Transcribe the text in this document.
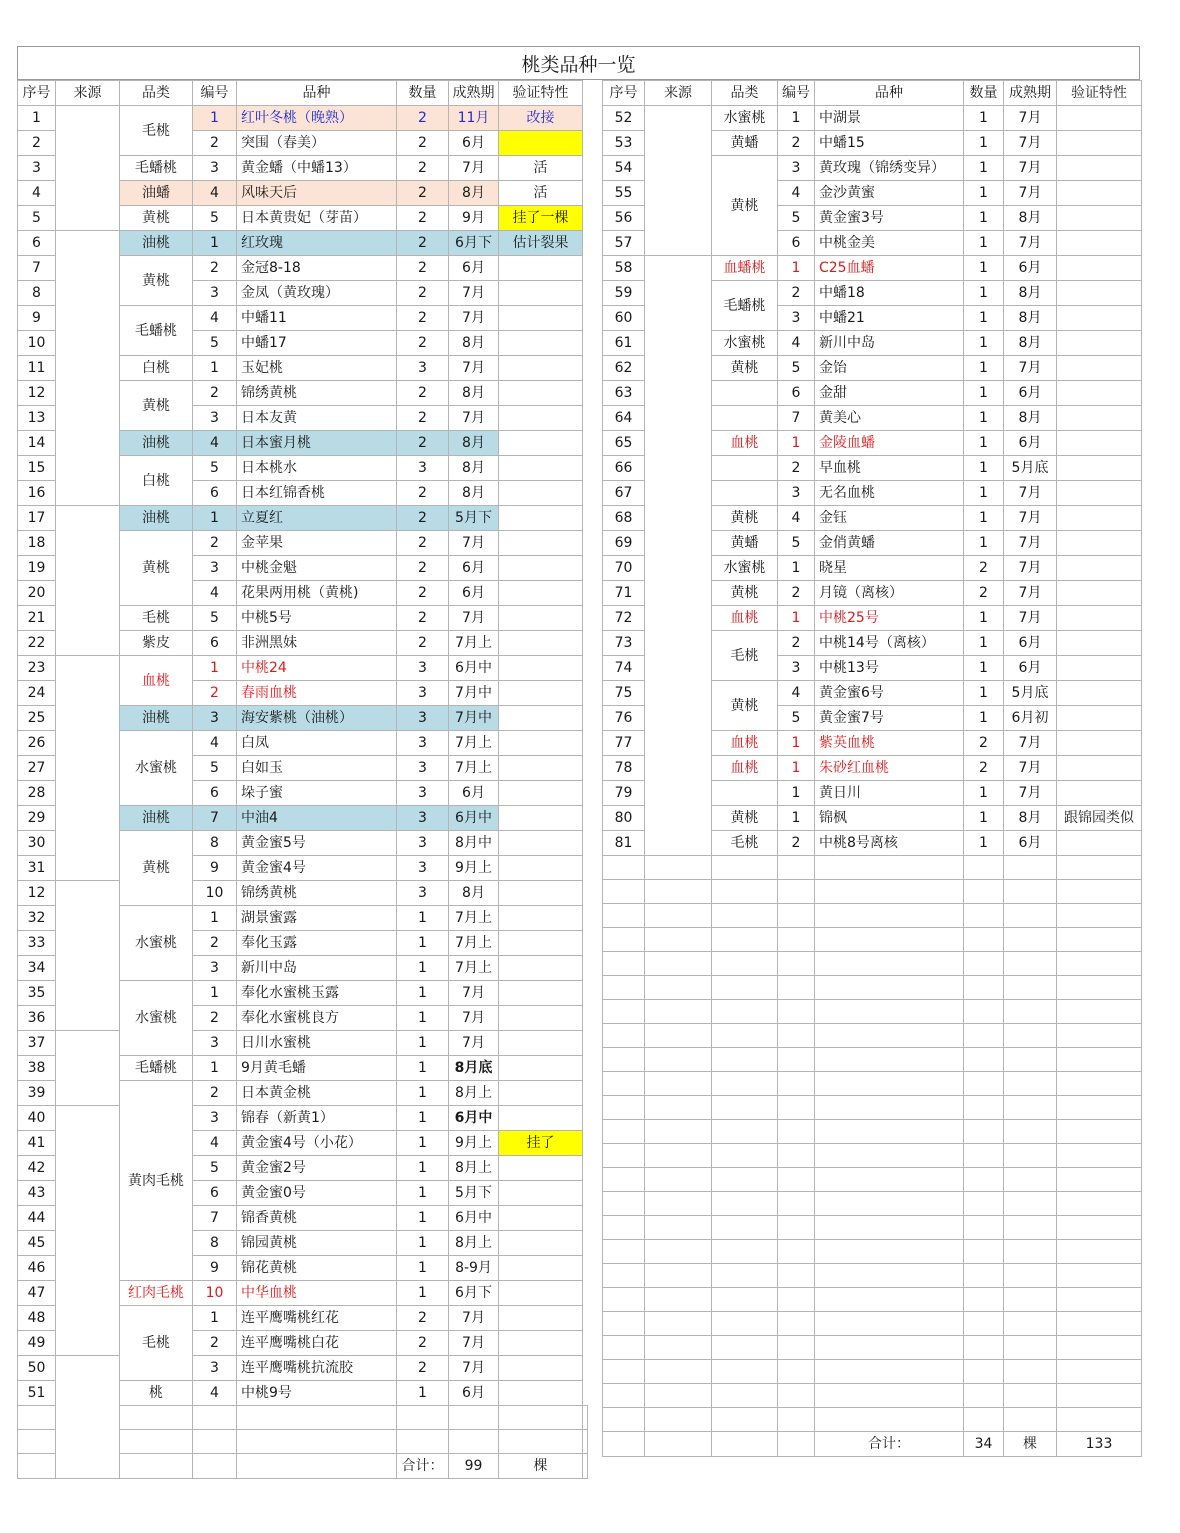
桃类品种一览
序号	来源	品类	编号	品种	数量	成熟期	验证特性	
1		毛桃	1	红叶冬桃（晚熟）	2	11月	改接	
2			2	突围（春美）	2	6月		
3		毛蟠桃	3	黄金蟠（中蟠13）	2	7月	活	
4		油蟠	4	风味天后	2	8月	活	
5		黄桃	5	日本黄贵妃（芽苗）	2	9月	挂了一棵	
6		油桃	1	红玫瑰	2	6月下	估计裂果	
7		黄桃	2	金冠8-18	2	6月		
8			3	金凤（黄玫瑰）	2	7月		
9		毛蟠桃	4	中蟠11	2	7月		
10			5	中蟠17	2	8月		
11		白桃	1	玉妃桃	3	7月		
12		黄桃	2	锦绣黄桃	2	8月		
13			3	日本友黄	2	7月		
14		油桃	4	日本蜜月桃	2	8月		
15		白桃	5	日本桃水	3	8月		
16			6	日本红锦香桃	2	8月		
17		油桃	1	立夏红	2	5月下		
18		黄桃	2	金苹果	2	7月		
19			3	中桃金魁	2	6月		
20			4	花果两用桃（黄桃)	2	6月		
21		毛桃	5	中桃5号	2	7月		
22		紫皮	6	非洲黑妹	2	7月上		
23		血桃	1	中桃24	3	6月中		
24			2	春雨血桃	3	7月中		
25		油桃	3	海安紫桃（油桃）	3	7月中		
26		水蜜桃	4	白凤	3	7月上		
27			5	白如玉	3	7月上		
28			6	垛子蜜	3	6月		
29		油桃	7	中油4	3	6月中		
30		黄桃	8	黄金蜜5号	3	8月中		
31			9	黄金蜜4号	3	9月上		
12			10	锦绣黄桃	3	8月		
32		水蜜桃	1	湖景蜜露	1	7月上		
33			2	奉化玉露	1	7月上		
34			3	新川中岛	1	7月上		
35		水蜜桃	1	奉化水蜜桃玉露	1	7月		
36			2	奉化水蜜桃良方	1	7月		
37			3	日川水蜜桃	1	7月		
38		毛蟠桃	1	9月黄毛蟠	1	8月底		
39		黄肉毛桃	2	日本黄金桃	1	8月上		
40			3	锦春（新黄1）	1	6月中		
41			4	黄金蜜4号（小花）	1	9月上	挂了	
42			5	黄金蜜2号	1	8月上		
43			6	黄金蜜0号	1	5月下		
44			7	锦香黄桃	1	6月中		
45			8	锦园黄桃	1	8月上		
46			9	锦花黄桃	1	8-9月		
47		红肉毛桃	10	中华血桃	1	6月下		
48		毛桃	1	连平鹰嘴桃红花	2	7月		
49			2	连平鹰嘴桃白花	2	7月		
50			3	连平鹰嘴桃抗流胶	2	7月		
51		桃	4	中桃9号	1	6月		

					合计：	99	棵	
序号	来源	品类	编号	品种	数量	成熟期	验证特性
52		水蜜桃	1	中湖景	1	7月	
53		黄蟠	2	中蟠15	1	7月	
54		黄桃	3	黄玫瑰（锦绣变异）	1	7月	
55			4	金沙黄蜜	1	7月	
56			5	黄金蜜3号	1	8月	
57			6	中桃金美	1	7月	
58		血蟠桃	1	C25血蟠	1	6月	
59		毛蟠桃	2	中蟠18	1	8月	
60			3	中蟠21	1	8月	
61		水蜜桃	4	新川中岛	1	8月	
62		黄桃	5	金饴	1	7月	
63			6	金甜	1	6月	
64			7	黄美心	1	8月	
65		血桃	1	金陵血蟠	1	6月	
66			2	早血桃	1	5月底	
67			3	无名血桃	1	7月	
68		黄桃	4	金钰	1	7月	
69		黄蟠	5	金俏黄蟠	1	7月	
70		水蜜桃	1	晓星	2	7月	
71		黄桃	2	月镜（离核）	2	7月	
72		血桃	1	中桃25号	1	7月	
73		毛桃	2	中桃14号（离核）	1	6月	
74			3	中桃13号	1	6月	
75		黄桃	4	黄金蜜6号	1	5月底	
76			5	黄金蜜7号	1	6月初	
77		血桃	1	紫英血桃	2	7月	
78		血桃	1	朱砂红血桃	2	7月	
79			1	黄日川	1	7月	
80		黄桃	1	锦枫	1	8月	跟锦园类似
81		毛桃	2	中桃8号离核	1	6月	

				合计：	34	棵	133
